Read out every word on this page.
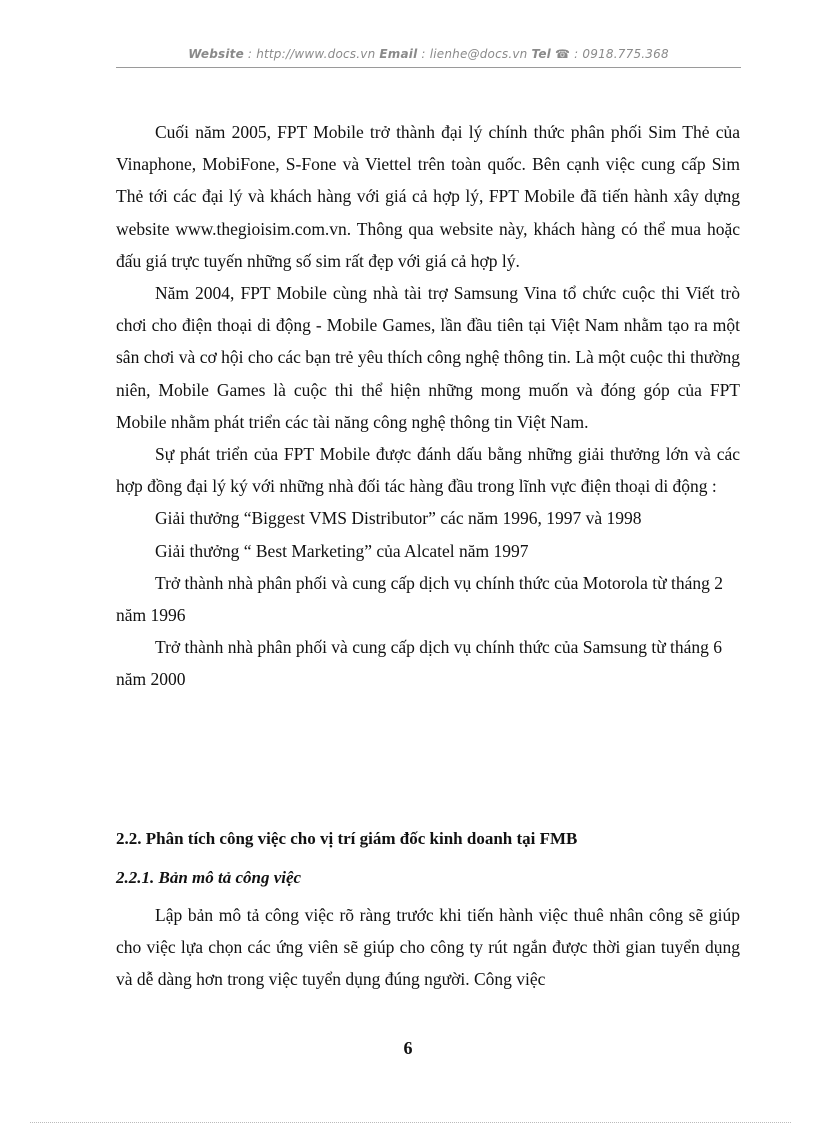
Website : http://www.docs.vn Email : lienhe@docs.vn Tel ☎ : 0918.775.368

Cuối năm 2005, FPT Mobile trở thành đại lý chính thức phân phối Sim Thẻ của Vinaphone, MobiFone, S-Fone và Viettel trên toàn quốc. Bên cạnh việc cung cấp Sim Thẻ tới các đại lý và khách hàng với giá cả hợp lý, FPT Mobile đã tiến hành xây dựng website www.thegioisim.com.vn. Thông qua website này, khách hàng có thể mua hoặc đấu giá trực tuyến những số sim rất đẹp với giá cả hợp lý.

Năm 2004, FPT Mobile cùng nhà tài trợ Samsung Vina tổ chức cuộc thi Viết trò chơi cho điện thoại di động - Mobile Games, lần đầu tiên tại Việt Nam nhằm tạo ra một sân chơi và cơ hội cho các bạn trẻ yêu thích công nghệ thông tin. Là một cuộc thi thường niên, Mobile Games là cuộc thi thể hiện những mong muốn và đóng góp của FPT Mobile nhằm phát triển các tài năng công nghệ thông tin Việt Nam.

Sự phát triển của FPT Mobile được đánh dấu bằng những giải thưởng lớn và các hợp đồng đại lý ký với những nhà đối tác hàng đầu trong lĩnh vực điện thoại di động :

Giải thưởng “Biggest VMS Distributor” các năm 1996, 1997 và 1998

Giải thưởng “ Best Marketing” của Alcatel năm 1997

Trở thành nhà phân phối và cung cấp dịch vụ chính thức của Motorola từ tháng 2 năm 1996

Trở thành nhà phân phối và cung cấp dịch vụ chính thức của Samsung từ tháng 6 năm 2000

2.2. Phân tích công việc cho vị trí giám đốc kinh doanh tại FMB
2.2.1. Bản mô tả công việc

Lập bản mô tả công việc rõ ràng trước khi tiến hành việc thuê nhân công sẽ giúp cho việc lựa chọn các ứng viên sẽ giúp cho công ty rút ngắn được thời gian tuyển dụng và dễ dàng hơn trong việc tuyển dụng đúng người. Công việc

6
